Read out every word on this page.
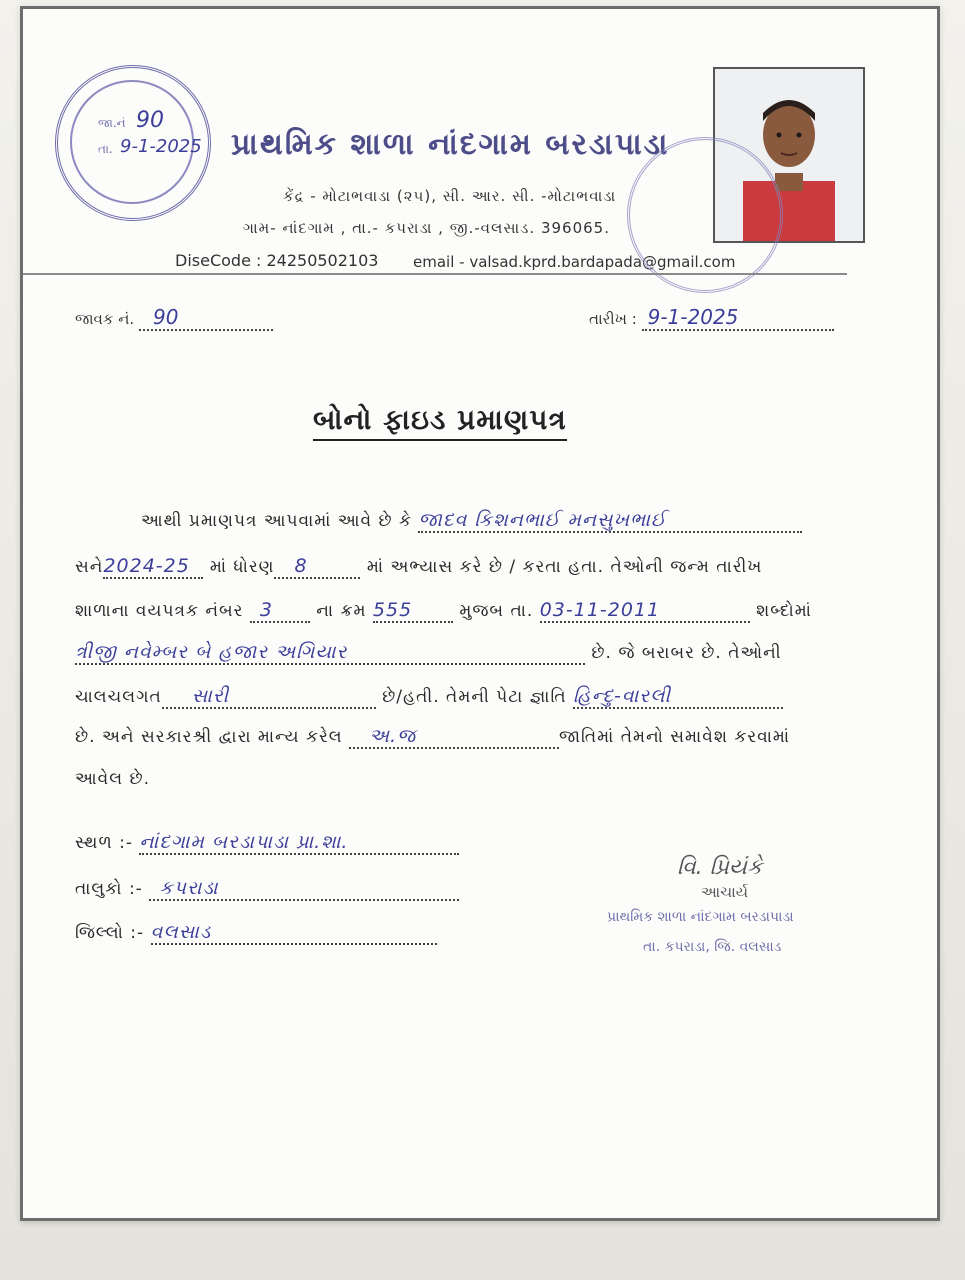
જા.નં 90
તા. 9-1-2025 પ્રાથમિક શાળા નાંદગામ બરડાપાડા
કેંદ્ર - મોટાભવાડા (૨૫), સી. આર. સી. -મોટાભવાડા
ગામ- નાંદગામ , તા.- કપરાડા , જી.-વલસાડ. 396065.
DiseCode : 24250502103 email - valsad.kprd.bardapada@gmail.com
જાવક નં. 90	તારીખ : 9-1-2025
બોનો ફાઇડ પ્રમાણપત્ર
આથી પ્રમાણપત્ર આપવામાં આવે છે કે જાદવ કિશનભાઈ મનસુખભાઈ
સને2024-25 માં ધોરણ 8	માં અભ્યાસ કરે છે / કરતા હતા. તેઓની જન્મ તારીખ
શાળાના વયપત્રક નંબર 3	ના ક્રમ 555	મુજબ તા. 03-11-2011	શબ્દોમાં
ત્રીજી નવેમ્બર બે હજાર અગિયાર	છે. જે બરાબર છે. તેઓની
ચાલચલગત સારી	છે/હતી. તેમની પેટા જ્ઞાતિ હિન્દુ-વારલી
છે. અને સરકારશ્રી દ્વારા માન્ય કરેલ અ.જ	જાતિમાં તેમનો સમાવેશ કરવામાં
આવેલ છે.
સ્થળ :- નાંદગામ બરડાપાડા પ્રા.શા.
તાલુકો :- કપરાડા
જિલ્લો :- વલસાડ
વિ. પ્રિયંકે
આચાર્ય
પ્રાથમિક શાળા નાંદગામ બરડાપાડા
તા. કપરાડા, જિ. વલસાડ
